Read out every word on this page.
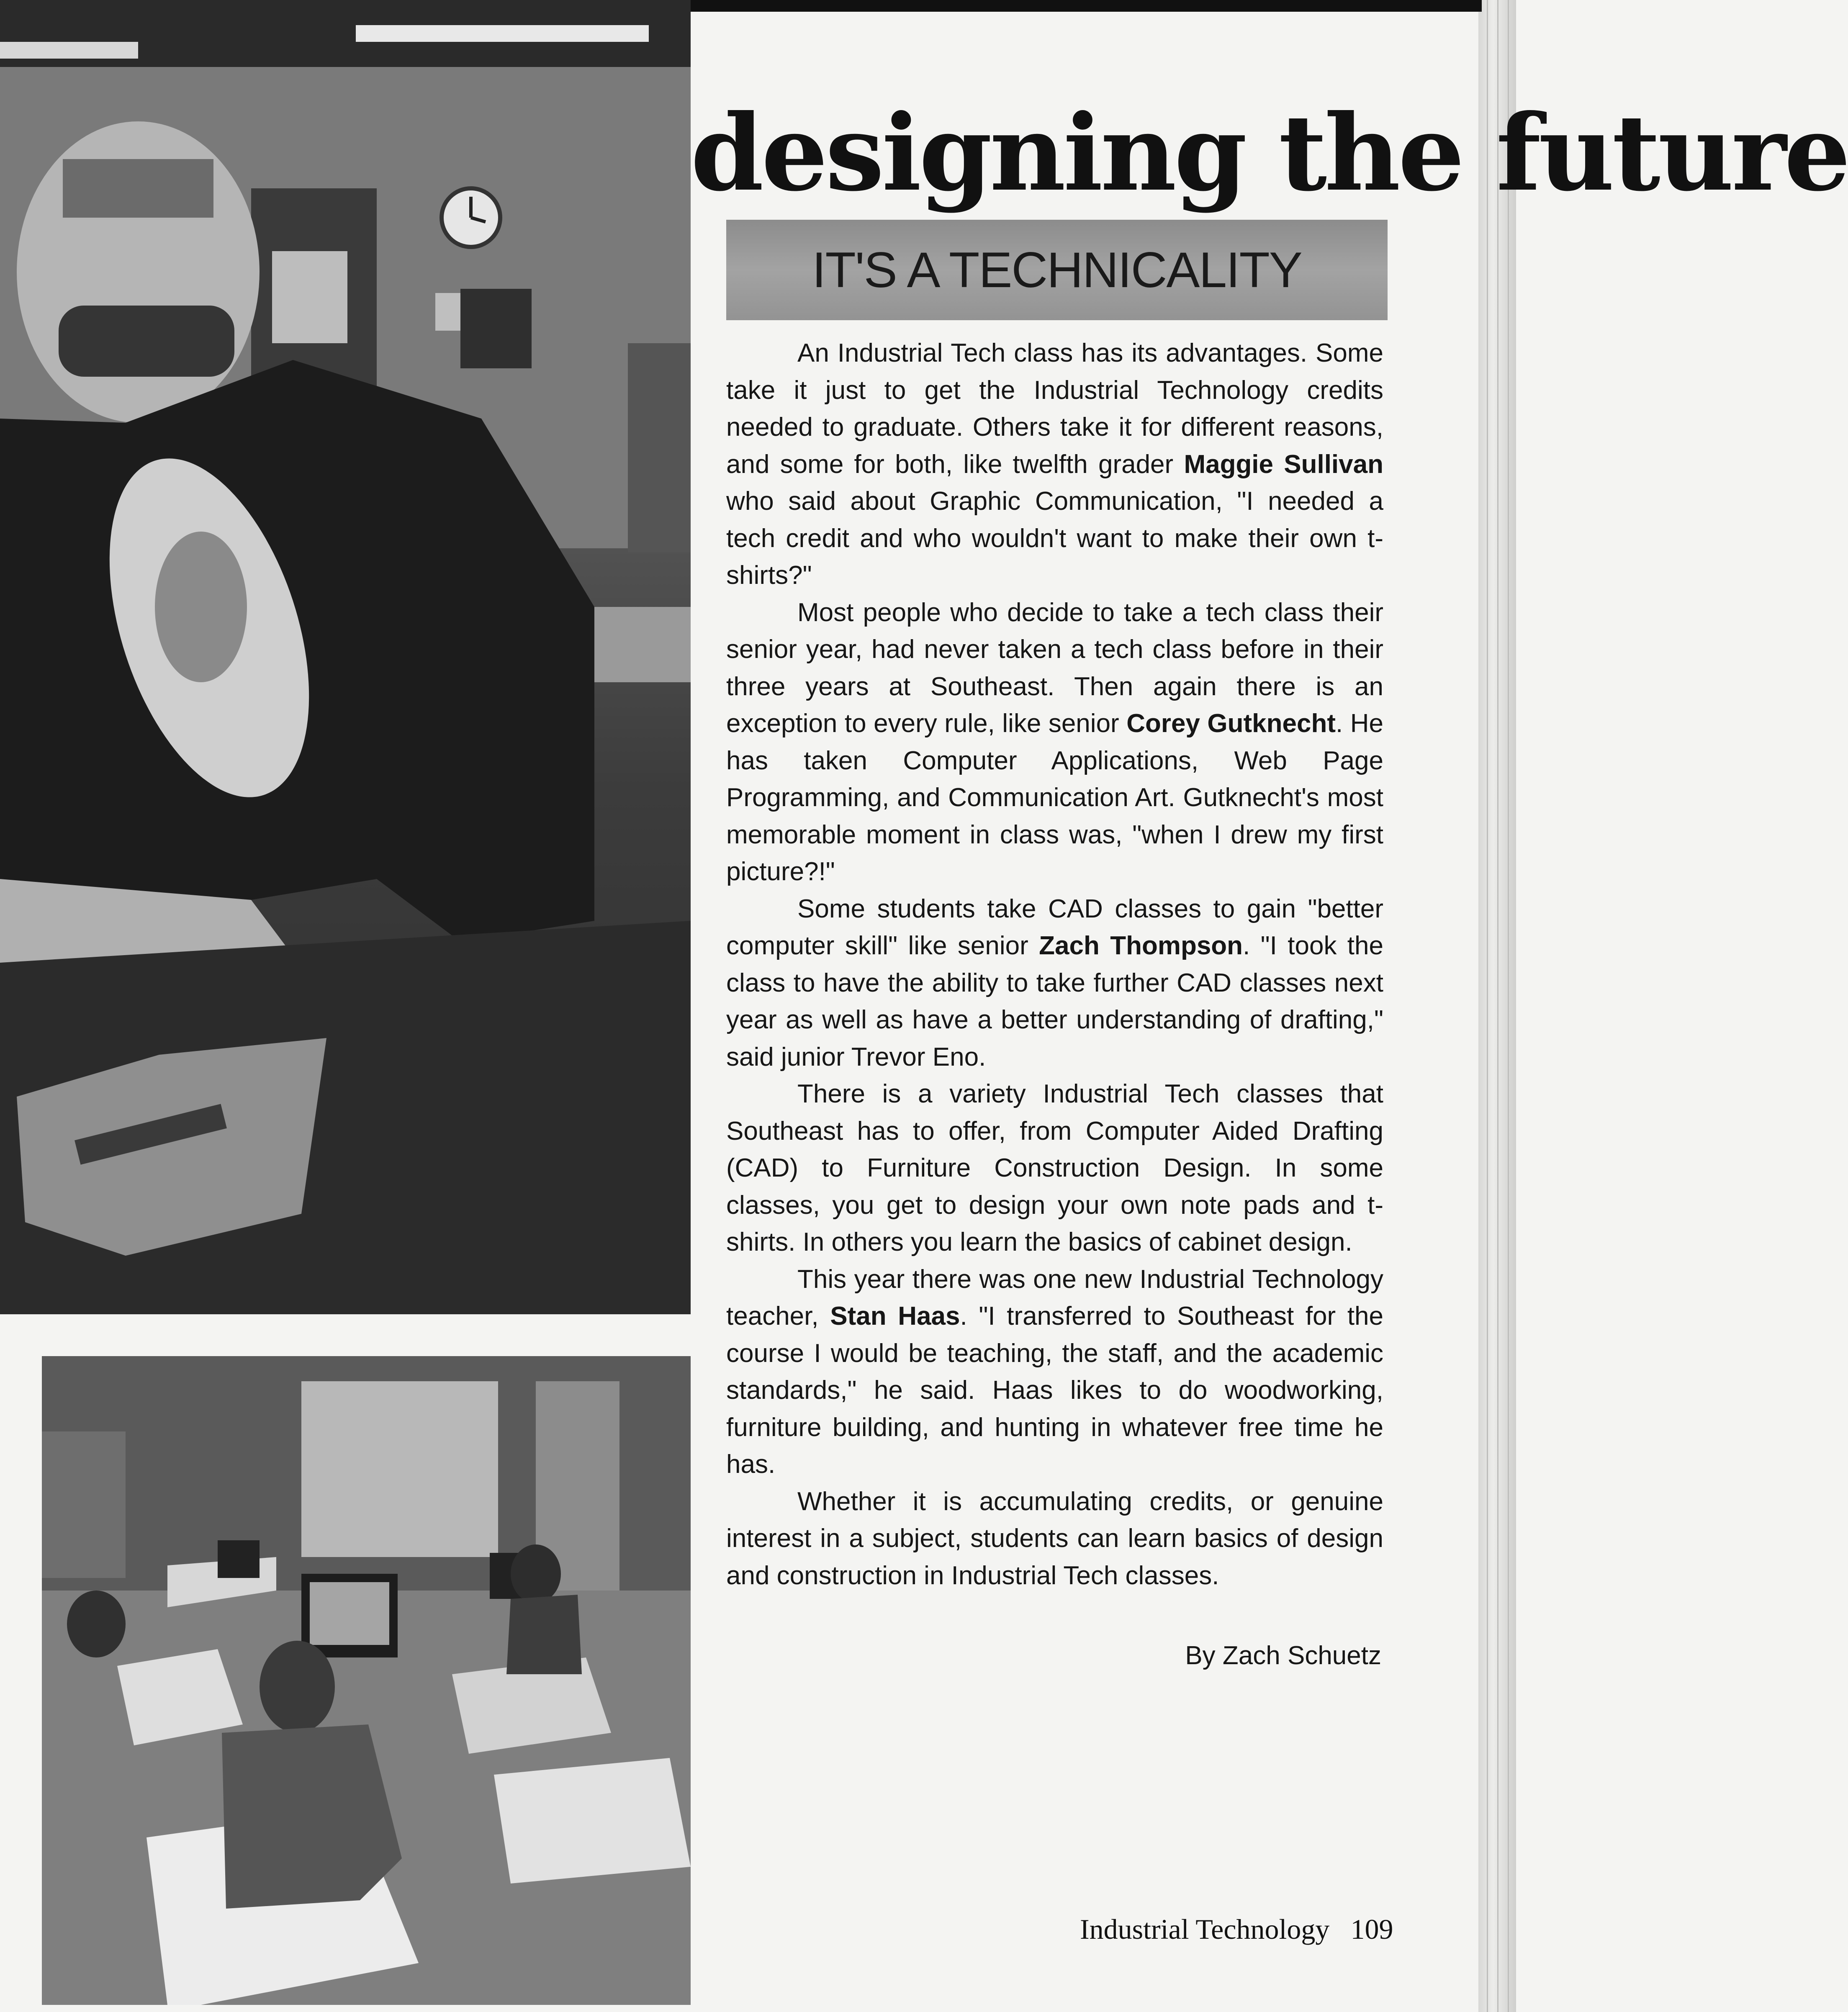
designing the future
IT'S A TECHNICALITY

An Industrial Tech class has its advantages. Some take it just to get the Industrial Technology credits needed to graduate. Others take it for different reasons, and some for both, like twelfth grader Maggie Sullivan who said about Graphic Communication, "I needed a tech credit and who wouldn't want to make their own t-shirts?"

Most people who decide to take a tech class their senior year, had never taken a tech class before in their three years at Southeast. Then again there is an exception to every rule, like senior Corey Gutknecht. He has taken Computer Applications, Web Page Programming, and Communication Art. Gutknecht's most memorable moment in class was, "when I drew my first picture?!"

Some students take CAD classes to gain "better computer skill" like senior Zach Thompson. "I took the class to have the ability to take further CAD classes next year as well as have a better understanding of drafting," said junior Trevor Eno.

There is a variety Industrial Tech classes that Southeast has to offer, from Computer Aided Drafting (CAD) to Furniture Construction Design. In some classes, you get to design your own note pads and t-shirts. In others you learn the basics of cabinet design.

This year there was one new Industrial Technology teacher, Stan Haas. "I transferred to Southeast for the course I would be teaching, the staff, and the academic standards," he said. Haas likes to do woodworking, furniture building, and hunting in whatever free time he has.

Whether it is accumulating credits, or genuine interest in a subject, students can learn basics of design and construction in Industrial Tech classes.

By Zach Schuetz
Industrial Technology 109
